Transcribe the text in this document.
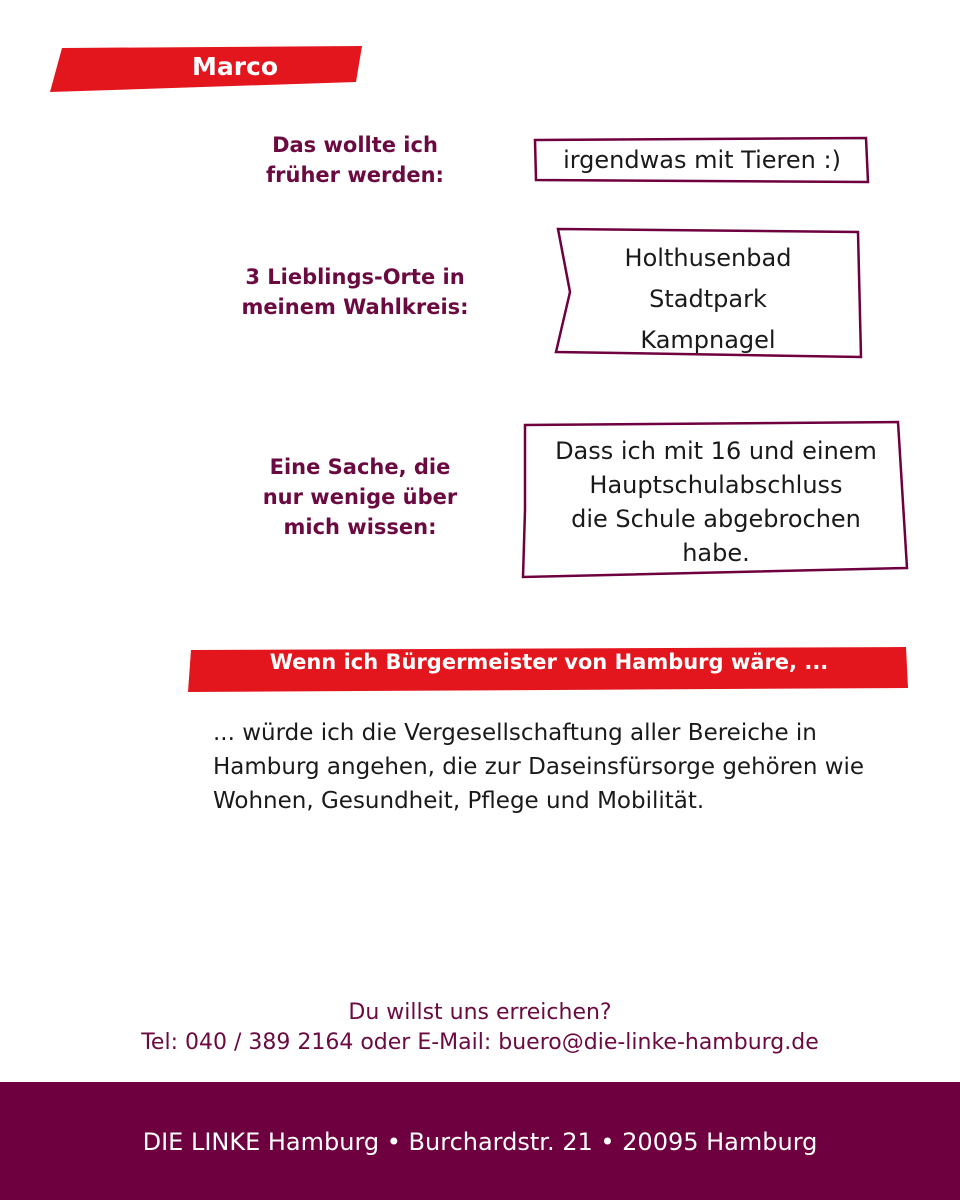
Marco
Das wollte ich
früher werden:
3 Lieblings-Orte in
meinem Wahlkreis:
Eine Sache, die
nur wenige über
mich wissen:
irgendwas mit Tieren :)
Holthusenbad
Stadtpark
Kampnagel
Dass ich mit 16 und einem
Hauptschulabschluss
die Schule abgebrochen
habe.
Wenn ich Bürgermeister von Hamburg wäre, ...
... würde ich die Vergesellschaftung aller Bereiche in Hamburg angehen, die zur Daseinsfürsorge gehören wie Wohnen, Gesundheit, Pflege und Mobilität.
Du willst uns erreichen?
Tel: 040 / 389 2164 oder E-Mail: buero@die-linke-hamburg.de
DIE LINKE Hamburg • Burchardstr. 21 • 20095 Hamburg
